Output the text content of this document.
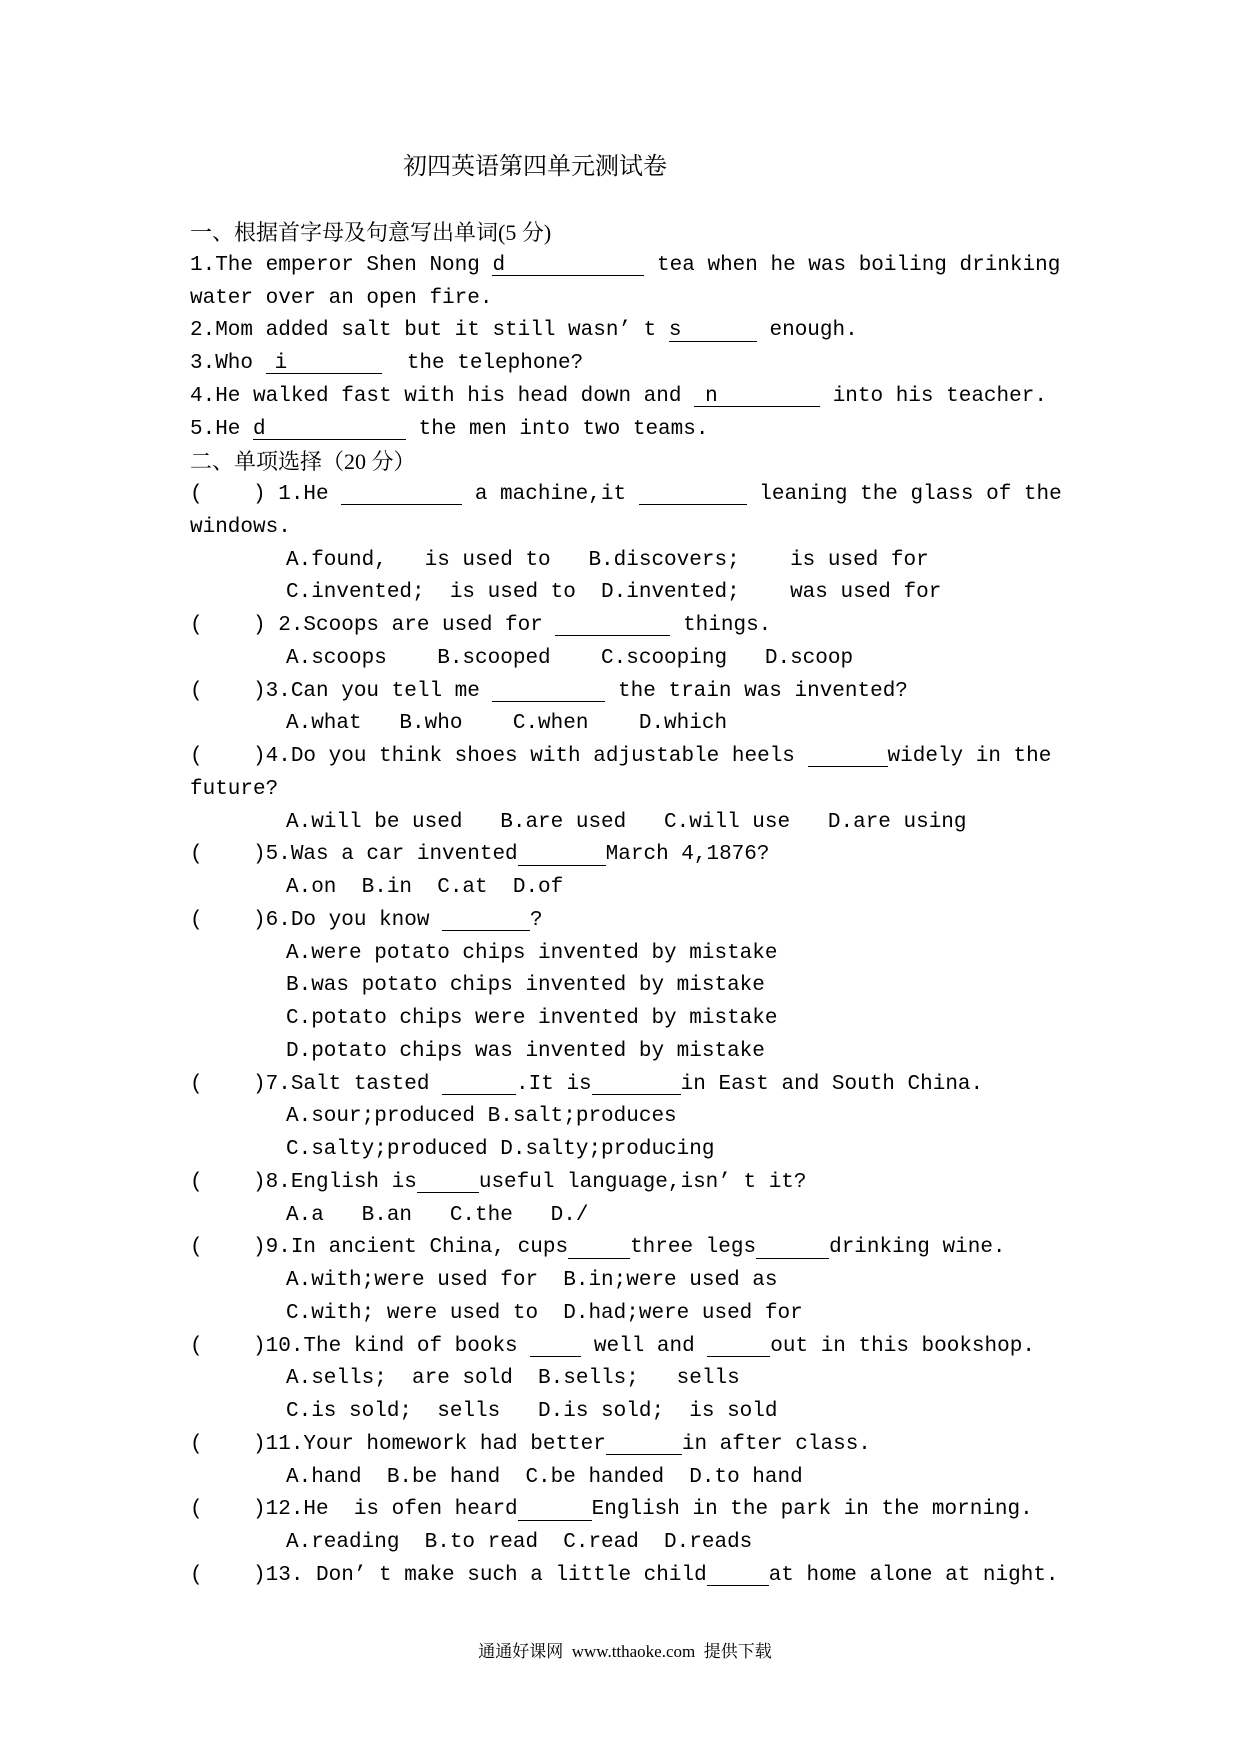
初四英语第四单元测试卷
一、根据首字母及句意写出单词(5 分)
1.The emperor Shen Nong ​ d	tea when he was boiling drinking
water over an open fire.
2.Mom added salt but it still wasn’ t ​ s	enough.
3.Who ​ i	the telephone?
4.He walked fast with his head down and ​ n	into his teacher.
5.He ​ d	the men into two teams.
二、单项选择（20 分）
(    ) 1.He ​	a machine,it ​	leaning the glass of the
windows.
A.found,   is used to   B.discovers;    is used for
C.invented;  is used to  D.invented;    was used for
(    ) 2.Scoops are used for ​	things.
A.scoops    B.scooped    C.scooping   D.scoop
(    )3.Can you tell me ​	the train was invented?
A.what   B.who    C.when    D.which
(    )4.Do you think shoes with adjustable heels ​	widely in the
future?
A.will be used   B.are used   C.will use   D.are using
(    )5.Was a car invented ​	March 4,1876?
A.on  B.in  C.at  D.of
(    )6.Do you know ​	?
A.were potato chips invented by mistake
B.was potato chips invented by mistake
C.potato chips were invented by mistake
D.potato chips was invented by mistake
(    )7.Salt tasted ​	.It is ​	in East and South China.
A.sour;produced B.salt;produces
C.salty;produced D.salty;producing
(    )8.English is ​	useful language,isn’ t it?
A.a   B.an   C.the   D./
(    )9.In ancient China, cups ​	three legs ​	drinking wine.
A.with;were used for  B.in;were used as
C.with; were used to  D.had;were used for
(    )10.The kind of books ​  well and ​	out in this bookshop.
A.sells;  are sold  B.sells;   sells
C.is sold;  sells   D.is sold;  is sold
(    )11.Your homework had better ​	in after class.
A.hand  B.be hand  C.be handed  D.to hand
(    )12.He  is ofen heard ​	English in the park in the morning.
A.reading  B.to read  C.read  D.reads
(    )13. Don’ t make such a little child ​	at home alone at night.
通通好课网  www.tthaoke.com  提供下载
